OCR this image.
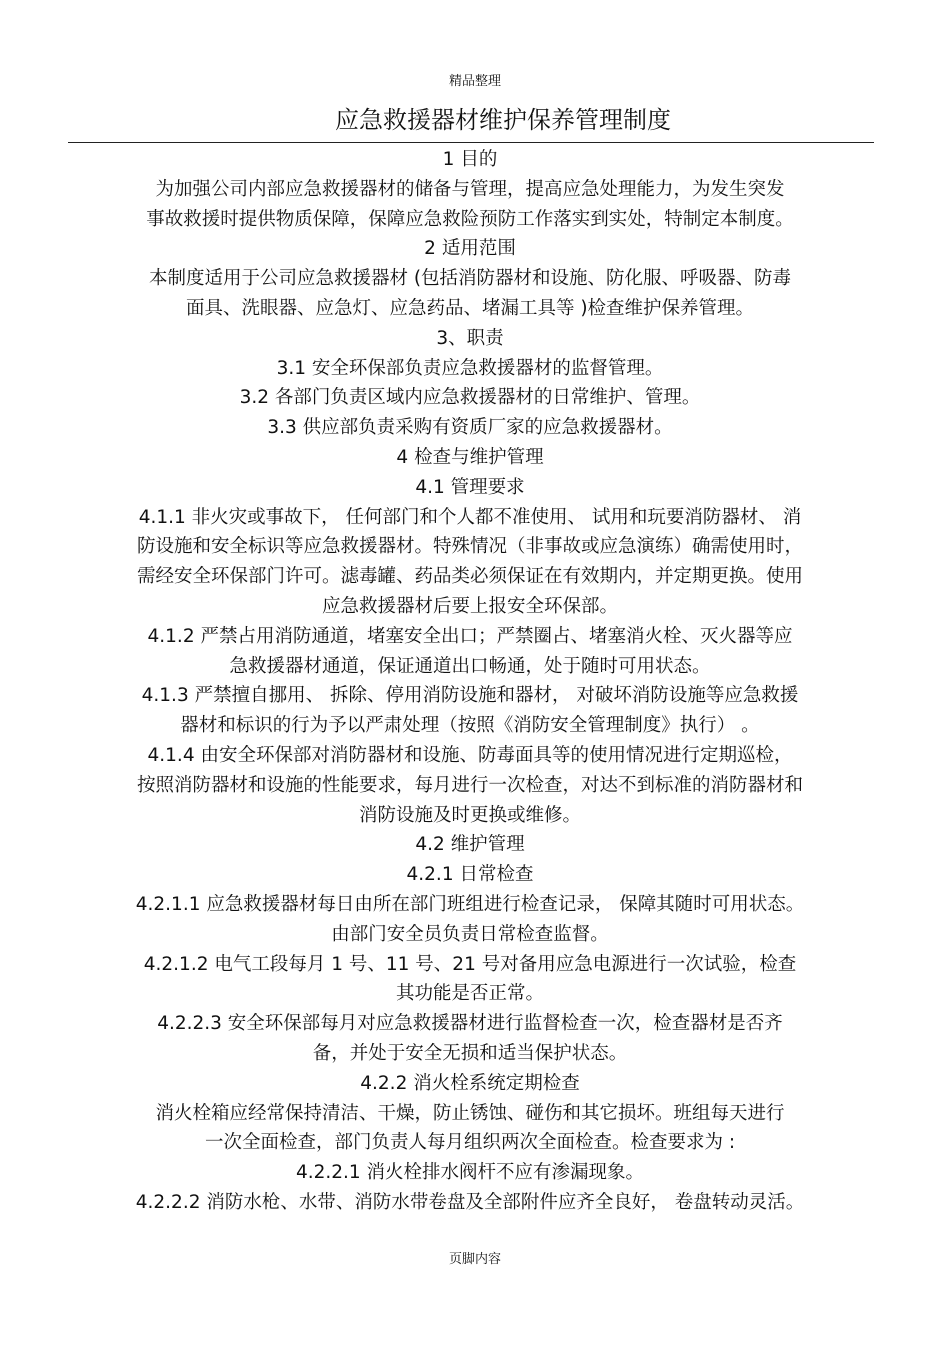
精品整理
应急救援器材维护保养管理制度
1 目的
为加强公司内部应急救援器材的储备与管理，提高应急处理能力，为发生突发
事故救援时提供物质保障，保障应急救险预防工作落实到实处，特制定本制度。
2 适用范围
本制度适用于公司应急救援器材 (包括消防器材和设施、防化服、呼吸器、防毒
面具、洗眼器、应急灯、应急药品、堵漏工具等 )检查维护保养管理。
3、职责
3.1 安全环保部负责应急救援器材的监督管理。
3.2 各部门负责区域内应急救援器材的日常维护、管理。
3.3 供应部负责采购有资质厂家的应急救援器材。
4 检查与维护管理
4.1 管理要求
4.1.1 非火灾或事故下， 任何部门和个人都不准使用、 试用和玩要消防器材、 消
防设施和安全标识等应急救援器材。特殊情况（非事故或应急演练）确需使用时，
需经安全环保部门许可。滤毒罐、药品类必须保证在有效期内，并定期更换。使用
应急救援器材后要上报安全环保部。
4.1.2 严禁占用消防通道，堵塞安全出口；严禁圈占、堵塞消火栓、灭火器等应
急救援器材通道，保证通道出口畅通，处于随时可用状态。
4.1.3 严禁擅自挪用、 拆除、停用消防设施和器材， 对破坏消防设施等应急救援
器材和标识的行为予以严肃处理（按照《消防安全管理制度》执行） 。
4.1.4 由安全环保部对消防器材和设施、防毒面具等的使用情况进行定期巡检，
按照消防器材和设施的性能要求，每月进行一次检查，对达不到标准的消防器材和
消防设施及时更换或维修。
4.2 维护管理
4.2.1 日常检查
4.2.1.1 应急救援器材每日由所在部门班组进行检查记录， 保障其随时可用状态。
由部门安全员负责日常检查监督。
4.2.1.2 电气工段每月 1 号、11 号、21 号对备用应急电源进行一次试验，检查
其功能是否正常。
4.2.2.3 安全环保部每月对应急救援器材进行监督检查一次，检查器材是否齐
备，并处于安全无损和适当保护状态。
4.2.2 消火栓系统定期检查
消火栓箱应经常保持清洁、干燥，防止锈蚀、碰伤和其它损坏。班组每天进行
一次全面检查，部门负责人每月组织两次全面检查。检查要求为 :
4.2.2.1 消火栓排水阀杆不应有渗漏现象。
4.2.2.2 消防水枪、水带、消防水带卷盘及全部附件应齐全良好， 卷盘转动灵活。
页脚内容
